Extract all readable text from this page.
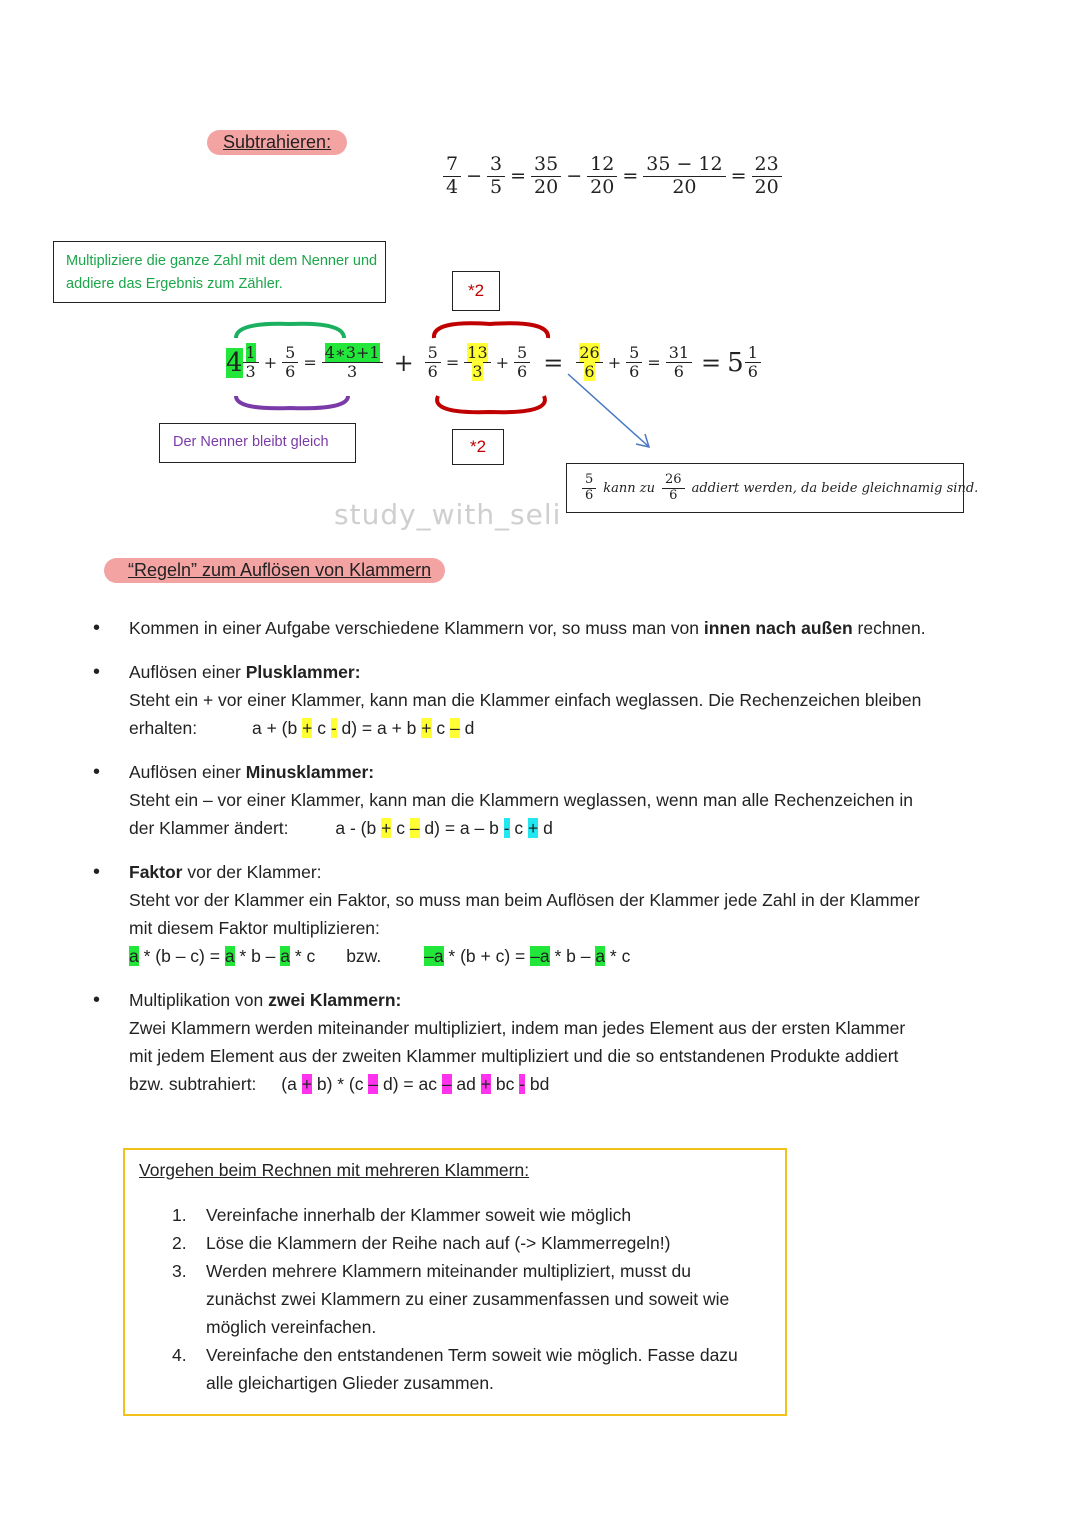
Subtrahieren:
$\frac{7}{4} - \frac{3}{5} = \frac{35}{20} - \frac{12}{20} = \frac{35 - 12}{20} = \frac{23}{20}$
Multipliziere die ganze Zahl mit dem Nenner und addiere das Ergebnis zum Zähler.	*2
*2
$4 \frac{1}{3} + \frac{5}{6} = \frac{4∗3+1}{3} + \frac{5}{6} = \frac{13}{3} + \frac{5}{6} = \frac{26}{6} + \frac{5}{6} = \frac{31}{6} = 5 \frac{1}{6}$
Der Nenner bleibt gleich
$\frac{5}{6}$ kann zu $\frac{26}{6}$ addiert werden, da beide gleichnamig sind.
study_with_seli
“Regeln” zum Auflösen von Klammern
• Kommen in einer Aufgabe verschiedene Klammern vor, so muss man von innen nach außen rechnen.
• Auflösen einer Plusklammer:
Steht ein + vor einer Klammer, kann man die Klammer einfach weglassen. Die Rechenzeichen bleiben
erhalten:	a + (b + c - d) = a + b + c – d
• Auflösen einer Minusklammer:
Steht ein – vor einer Klammer, kann man die Klammern weglassen, wenn man alle Rechenzeichen in
der Klammer ändert:	a - (b + c – d) = a – b - c + d
• Faktor vor der Klammer:
Steht vor der Klammer ein Faktor, so muss man beim Auflösen der Klammer jede Zahl in der Klammer
mit diesem Faktor multiplizieren:
a * (b – c) = a * b – a * c bzw. –a * (b + c) = –a * b – a * c
• Multiplikation von zwei Klammern:
Zwei Klammern werden miteinander multipliziert, indem man jedes Element aus der ersten Klammer
mit jedem Element aus der zweiten Klammer multipliziert und die so entstandenen Produkte addiert
bzw. subtrahiert: (a + b) * (c – d) = ac – ad + bc - bd
Vorgehen beim Rechnen mit mehreren Klammern:
1.	Vereinfache innerhalb der Klammer soweit wie möglich
2.	Löse die Klammern der Reihe nach auf (-> Klammerregeln!)
3.	Werden mehrere Klammern miteinander multipliziert, musst du zunächst zwei Klammern zu einer zusammenfassen und soweit wie möglich vereinfachen.
4.	Vereinfache den entstandenen Term soweit wie möglich. Fasse dazu alle gleichartigen Glieder zusammen.
